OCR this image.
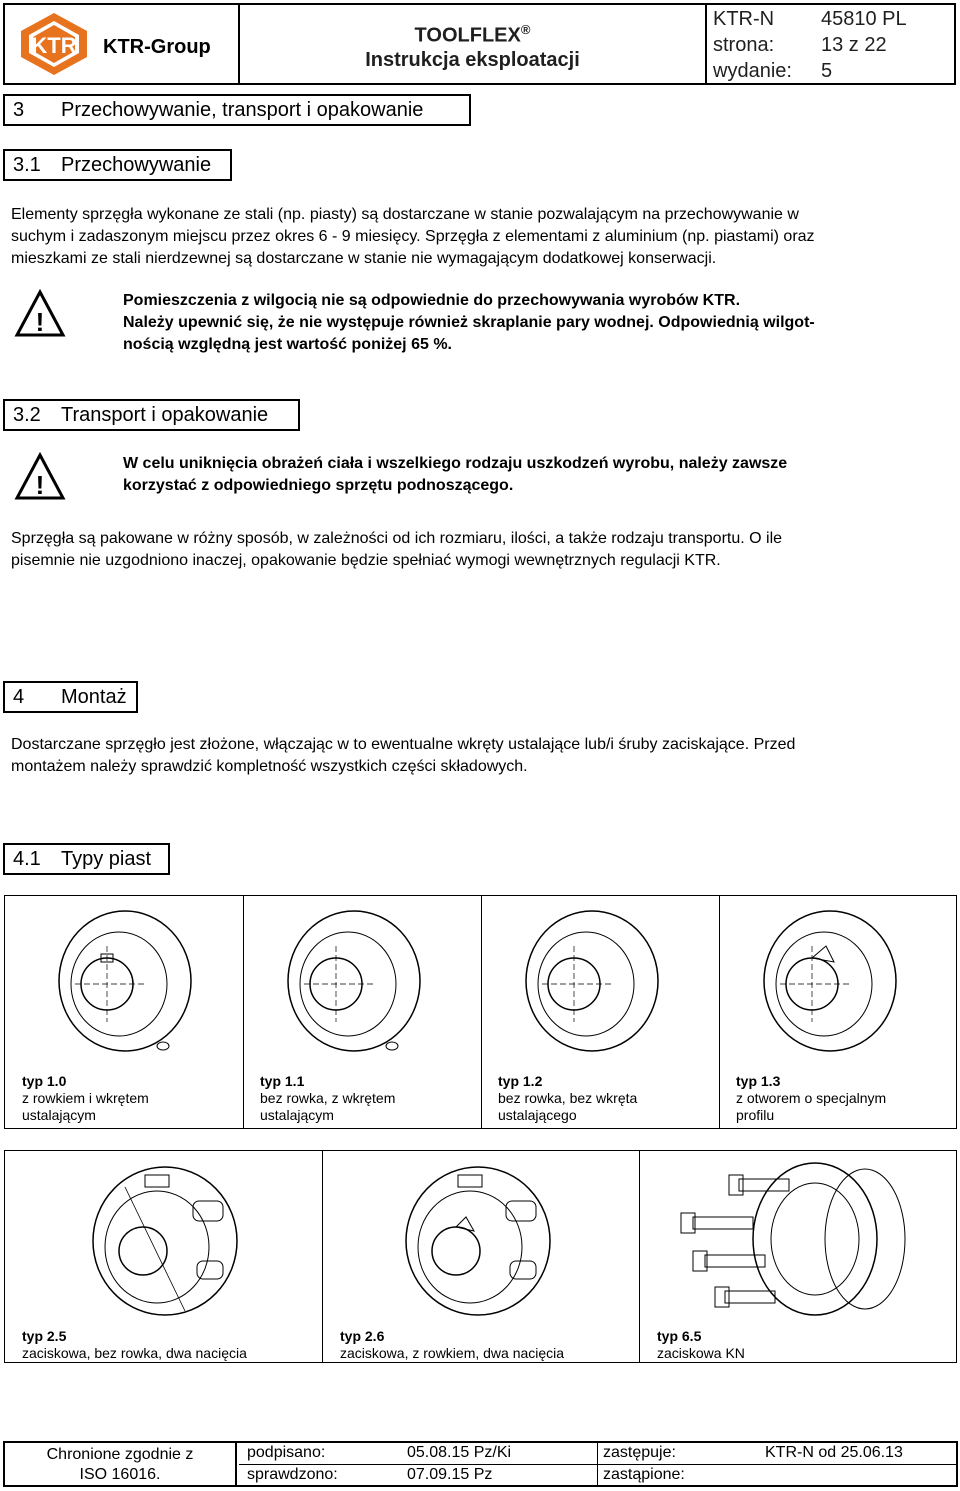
KTR KTR-Group
TOOLFLEX®
Instrukcja eksploatacji
KTR-N 45810 PL
strona: 13 z 22
wydanie: 5
3 Przechowywanie, transport i opakowanie
3.1 Przechowywanie
Elementy sprzęgła wykonane ze stali (np. piasty) są dostarczane w stanie pozwalającym na przechowywanie w
suchym i zadaszonym miejscu przez okres 6 - 9 miesięcy. Sprzęgła z elementami z aluminium (np. piastami) oraz
mieszkami ze stali nierdzewnej są dostarczane w stanie nie wymagającym dodatkowej konserwacji.
!
Pomieszczenia z wilgocią nie są odpowiednie do przechowywania wyrobów KTR.
Należy upewnić się, że nie występuje również skraplanie pary wodnej. Odpowiednią wilgot-
nością względną jest wartość poniżej 65 %.
3.2 Transport i opakowanie
!
W celu uniknięcia obrażeń ciała i wszelkiego rodzaju uszkodzeń wyrobu, należy zawsze
korzystać z odpowiedniego sprzętu podnoszącego.
Sprzęgła są pakowane w różny sposób, w zależności od ich rozmiaru, ilości, a także rodzaju transportu. O ile
pisemnie nie uzgodniono inaczej, opakowanie będzie spełniać wymogi wewnętrznych regulacji KTR.
4 Montaż
Dostarczane sprzęgło jest złożone, włączając w to ewentualne wkręty ustalające lub/i śruby zaciskające. Przed
montażem należy sprawdzić kompletność wszystkich części składowych.
4.1 Typy piast
typ 1.0
z rowkiem i wkrętem
ustalającym
typ 1.1
bez rowka, z wkrętem
ustalającym
typ 1.2
bez rowka, bez wkręta
ustalającego
typ 1.3
z otworem o specjalnym
profilu
typ 2.5
zaciskowa, bez rowka, dwa nacięcia
typ 2.6
zaciskowa, z rowkiem, dwa nacięcia
typ 6.5
zaciskowa KN
Chronione zgodnie z
ISO 16016.
podpisano:	05.08.15 Pz/Ki	zastępuje:	KTR-N od 25.06.13
sprawdzono:	07.09.15 Pz	zastąpione:
